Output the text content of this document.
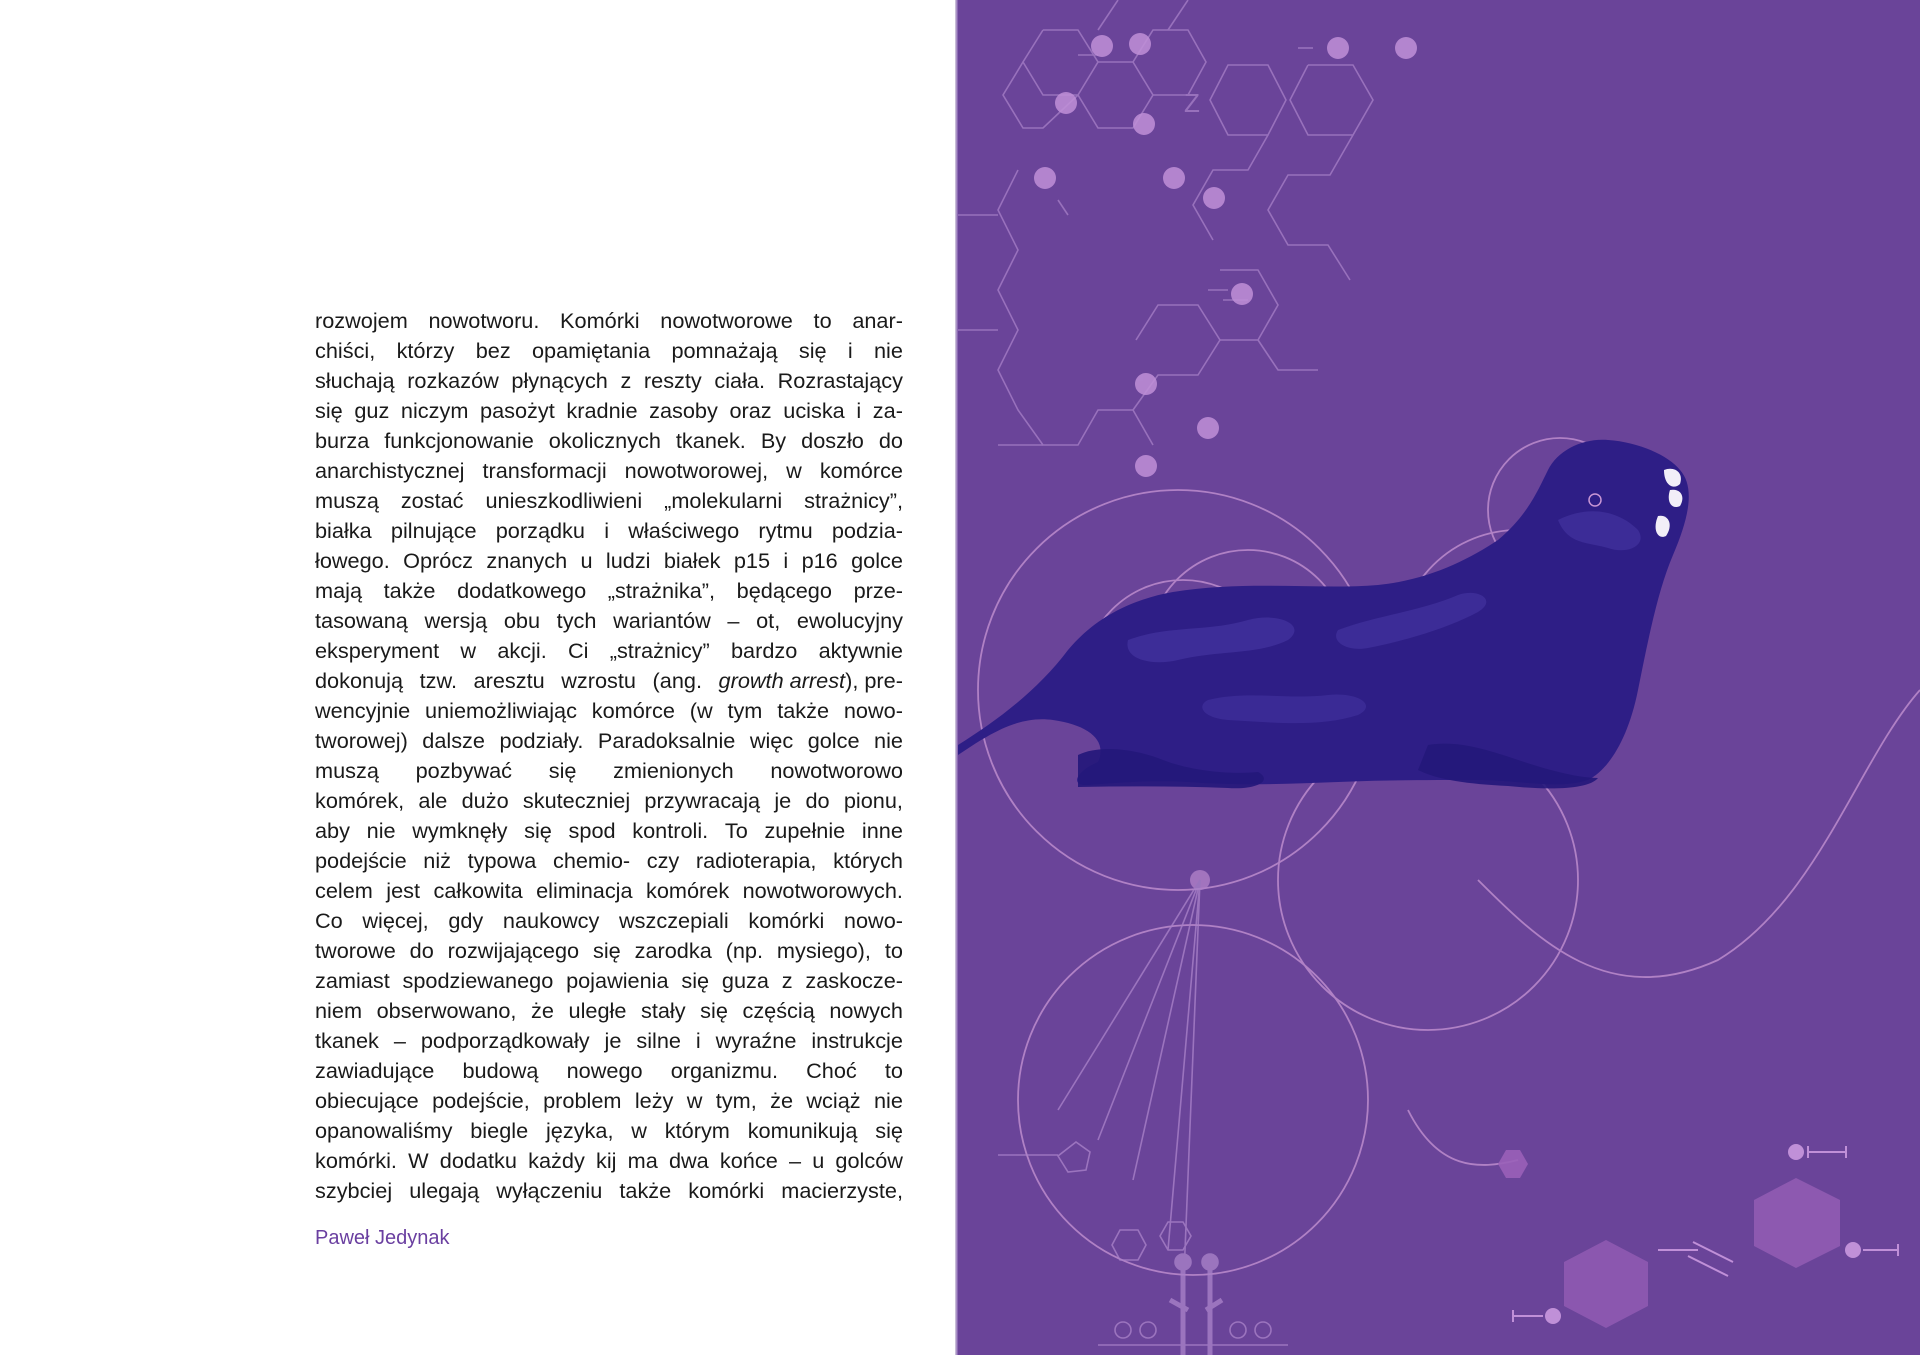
rozwojem nowotworu. Komórki nowotworowe to anar-
chiści, którzy bez opamiętania pomnażają się i nie
słuchają rozkazów płynących z reszty ciała. Rozrastający
się guz niczym pasożyt kradnie zasoby oraz uciska i za-
burza funkcjonowanie okolicznych tkanek. By doszło do
anarchistycznej transformacji nowotworowej, w komórce
muszą zostać unieszkodliwieni „molekularni strażnicy”,
białka pilnujące porządku i właściwego rytmu podzia-
łowego. Oprócz znanych u ludzi białek p15 i p16 golce
mają także dodatkowego „strażnika”, będącego prze-
tasowaną wersją obu tych wariantów – ot, ewolucyjny
eksperyment w akcji. Ci „strażnicy” bardzo aktywnie
dokonują tzw. aresztu wzrostu (ang. growth arrest), pre-
wencyjnie uniemożliwiając komórce (w tym także nowo-
tworowej) dalsze podziały. Paradoksalnie więc golce nie
muszą pozbywać się zmienionych nowotworowo
komórek, ale dużo skuteczniej przywracają je do pionu,
aby nie wymknęły się spod kontroli. To zupełnie inne
podejście niż typowa chemio- czy radioterapia, których
celem jest całkowita eliminacja komórek nowotworowych.
Co więcej, gdy naukowcy wszczepiali komórki nowo-
tworowe do rozwijającego się zarodka (np. mysiego), to
zamiast spodziewanego pojawienia się guza z zaskocze-
niem obserwowano, że uległe stały się częścią nowych
tkanek – podporządkowały je silne i wyraźne instrukcje
zawiadujące budową nowego organizmu. Choć to
obiecujące podejście, problem leży w tym, że wciąż nie
opanowaliśmy biegle języka, w którym komunikują się
komórki. W dodatku każdy kij ma dwa końce – u golców
szybciej ulegają wyłączeniu także komórki macierzyste,
Paweł Jedynak
Z
